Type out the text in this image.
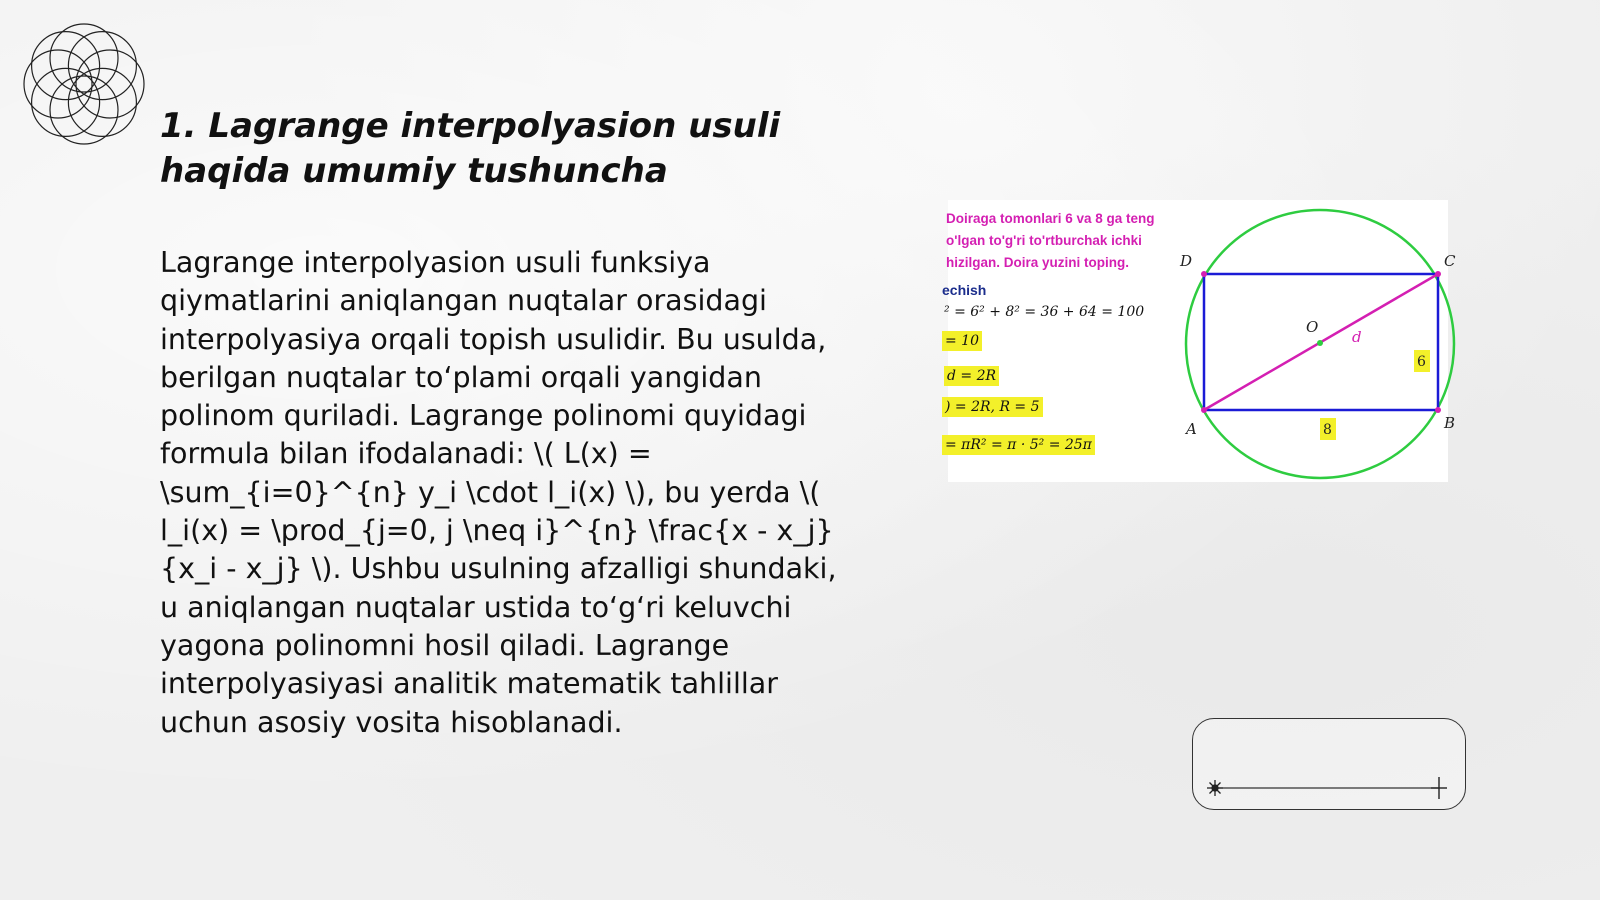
1. Lagrange interpolyasion usuli
haqida umumiy tushuncha

Lagrange interpolyasion usuli funksiya qiymatlarini aniqlangan nuqtalar orasidagi interpolyasiya orqali topish usulidir. Bu usulda, berilgan nuqtalar to‘plami orqali yangidan polinom quriladi. Lagrange polinomi quyidagi formula bilan ifodalanadi: \( L(x) = \sum_{i=0}^{n} y_i \cdot l_i(x) \), bu yerda \( l_i(x) = \prod_{j=0, j \neq i}^{n} \frac{x - x_j}{x_i - x_j} \). Ushbu usulning afzalligi shundaki, u aniqlangan nuqtalar ustida to‘g‘ri keluvchi yagona polinomni hosil qiladi. Lagrange interpolyasiyasi analitik matematik tahlillar uchun asosiy vosita hisoblanadi.

Doiraga tomonlari 6 va 8 ga teng
o'lgan to'g'ri to'rtburchak ichki
hizilgan. Doira yuzini toping.
echish
² = 6² + 8² = 36 + 64 = 100
= 10
d = 2R
) = 2R, R = 5
= πR² = π · 5² = 25π
D	C
A	B
O
d
6
8
